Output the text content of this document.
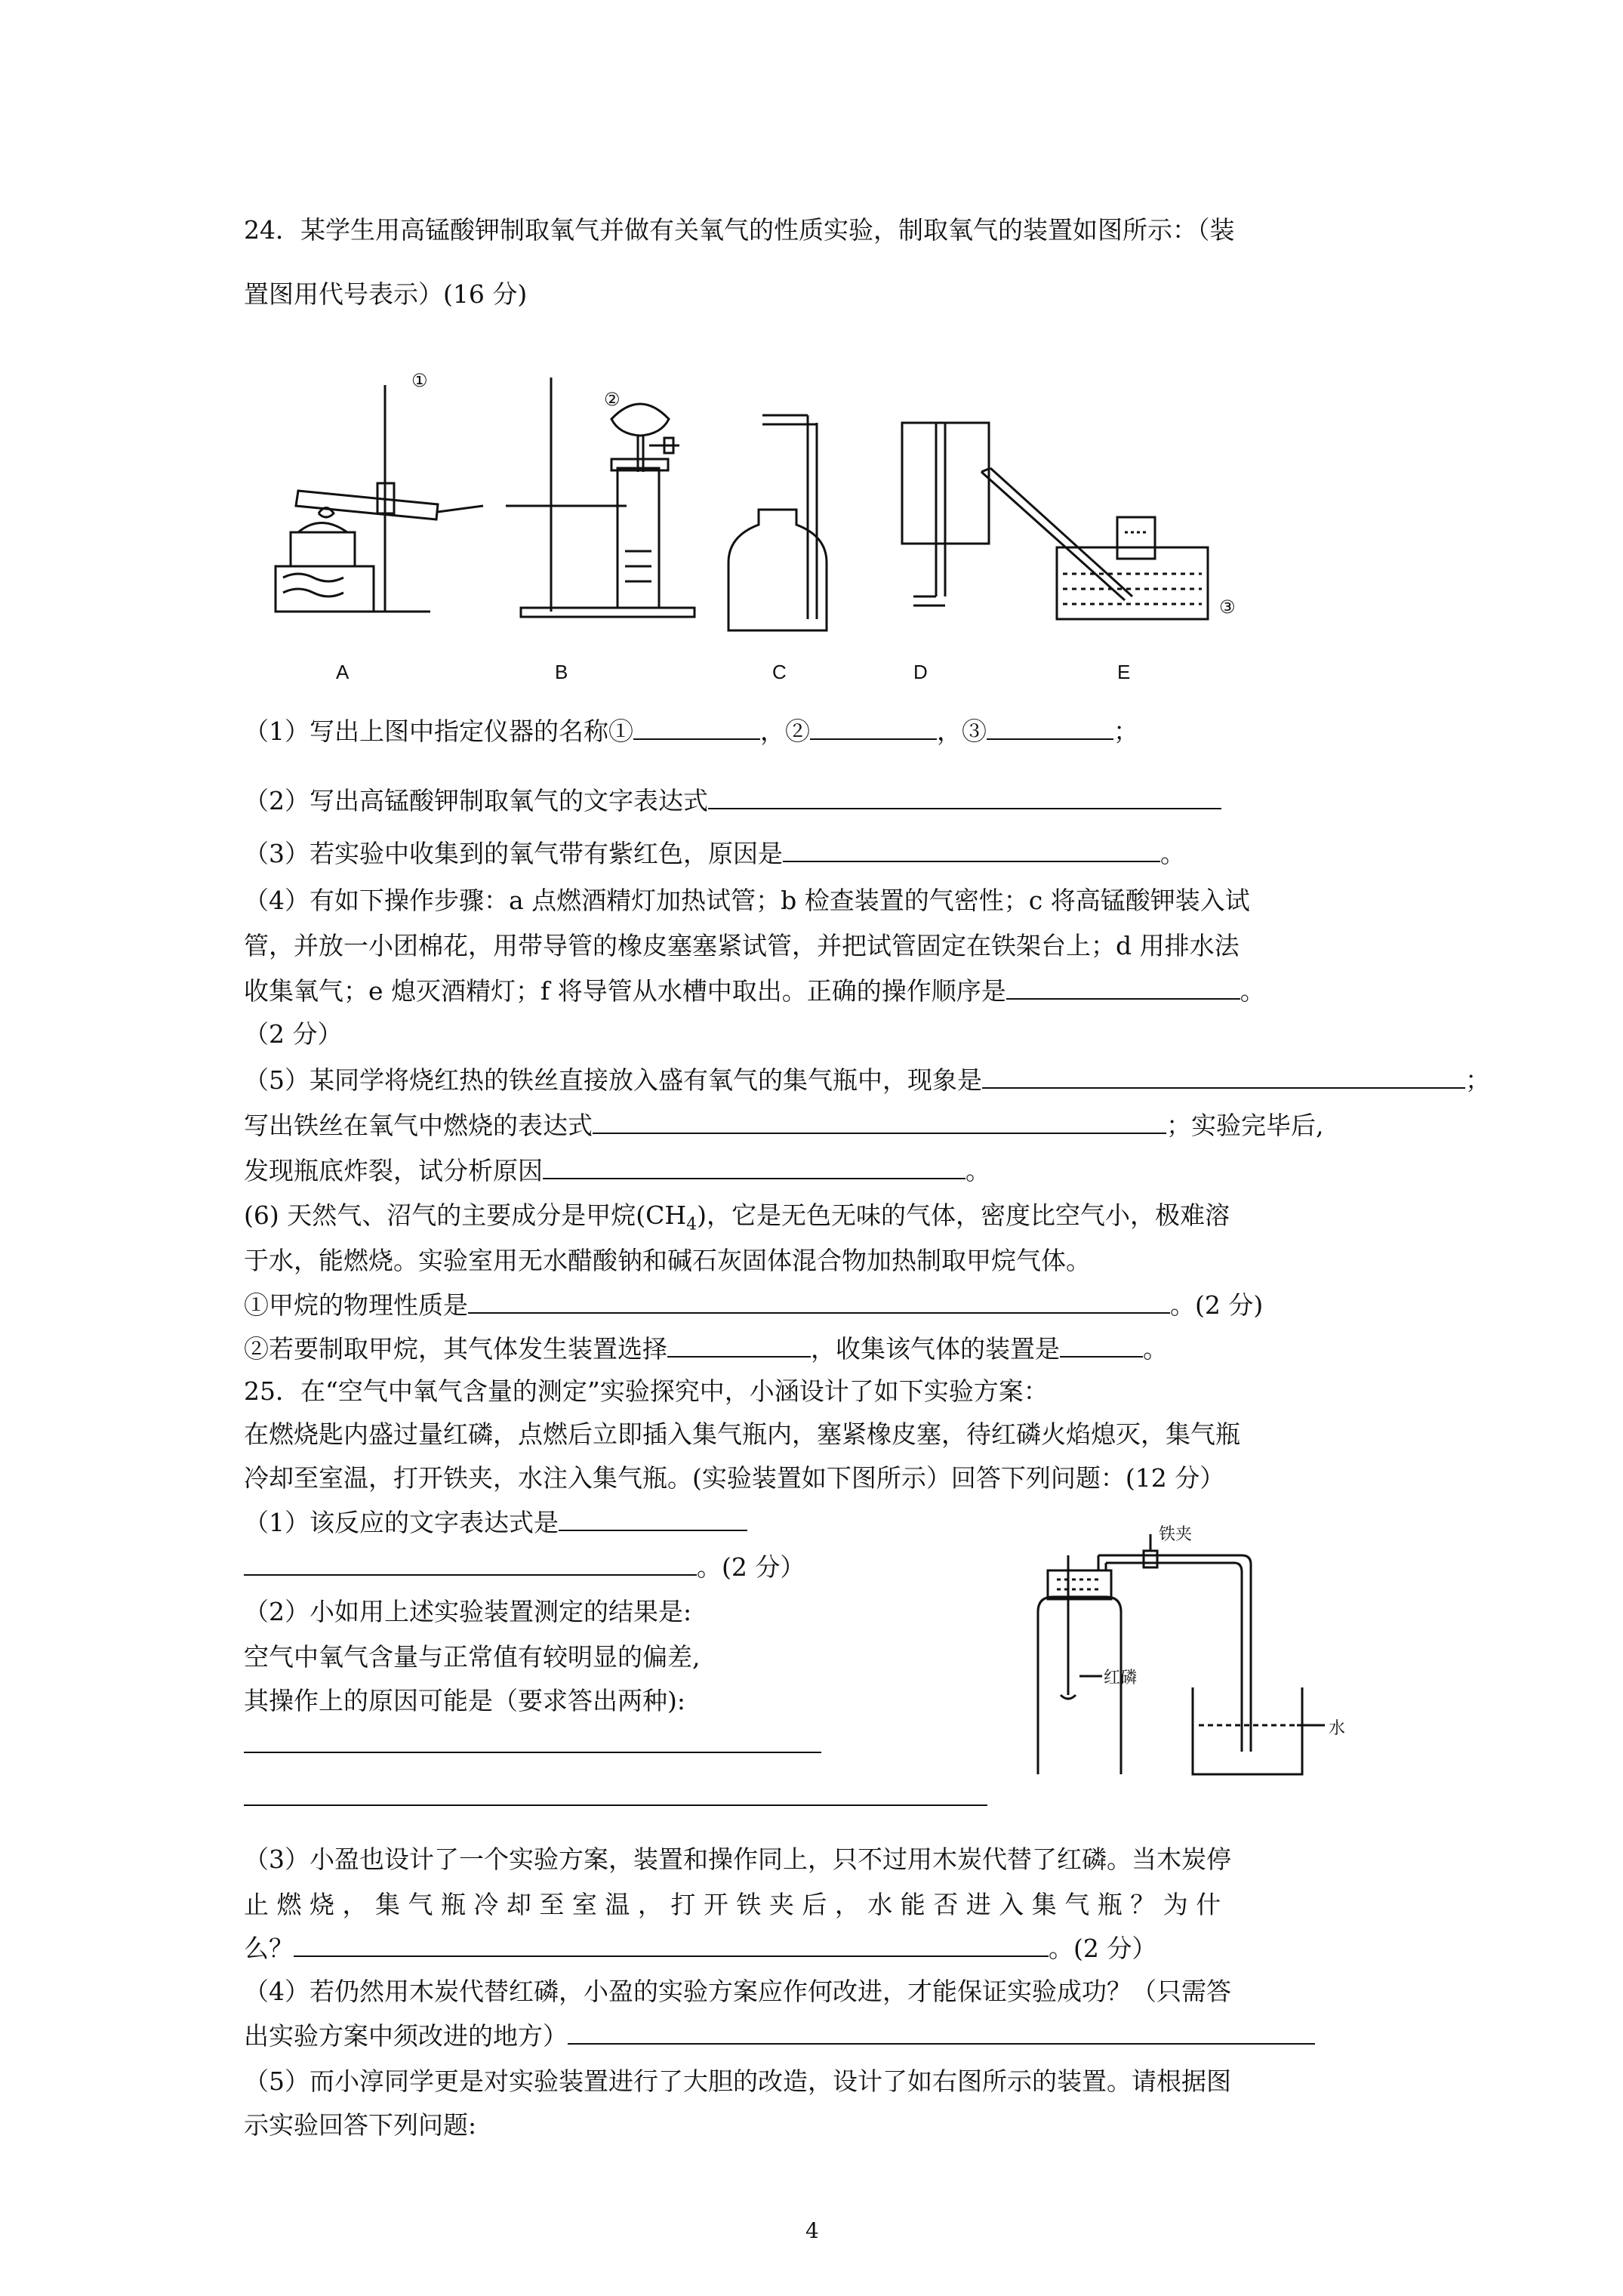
24．某学生用高锰酸钾制取氧气并做有关氧气的性质实验，制取氧气的装置如图所示：（装
置图用代号表示）(16 分)
①
②
③
A	B	C	D	E
（1）写出上图中指定仪器的名称①	，②	，③	；
（2）写出高锰酸钾制取氧气的文字表达式
（3）若实验中收集到的氧气带有紫红色，原因是	。
（4）有如下操作步骤：a 点燃酒精灯加热试管；b 检查装置的气密性；c 将高锰酸钾装入试
管，并放一小团棉花，用带导管的橡皮塞塞紧试管，并把试管固定在铁架台上；d 用排水法
收集氧气；e 熄灭酒精灯；f 将导管从水槽中取出。正确的操作顺序是	。
（2 分）
（5）某同学将烧红热的铁丝直接放入盛有氧气的集气瓶中，现象是	；
写出铁丝在氧气中燃烧的表达式	；实验完毕后,
发现瓶底炸裂，试分析原因	。
(6) 天然气、沼气的主要成分是甲烷$(CH_4)$，它是无色无味的气体，密度比空气小，极难溶
于水，能燃烧。实验室用无水醋酸钠和碱石灰固体混合物加热制取甲烷气体。
①甲烷的物理性质是	。(2 分)
②若要制取甲烷，其气体发生装置选择	，收集该气体的装置是	。
25．在“空气中氧气含量的测定”实验探究中，小涵设计了如下实验方案：
在燃烧匙内盛过量红磷，点燃后立即插入集气瓶内，塞紧橡皮塞，待红磷火焰熄灭，集气瓶
冷却至室温，打开铁夹，水注入集气瓶。(实验装置如下图所示）回答下列问题：(12 分）
（1）该反应的文字表达式是
。(2 分）
（2）小如用上述实验装置测定的结果是:
空气中氧气含量与正常值有较明显的偏差,
其操作上的原因可能是（要求答出两种):
铁夹
红磷
水
（3）小盈也设计了一个实验方案，装置和操作同上，只不过用木炭代替了红磷。当木炭停
止 燃 烧 ， 集 气 瓶 冷 却 至 室 温 ， 打 开 铁 夹 后 ， 水 能 否 进 入 集 气 瓶 ？ 为 什
么？	。(2 分）
（4）若仍然用木炭代替红磷，小盈的实验方案应作何改进，才能保证实验成功？（只需答
出实验方案中须改进的地方）
（5）而小淳同学更是对实验装置进行了大胆的改造，设计了如右图所示的装置。请根据图
示实验回答下列问题:
4
